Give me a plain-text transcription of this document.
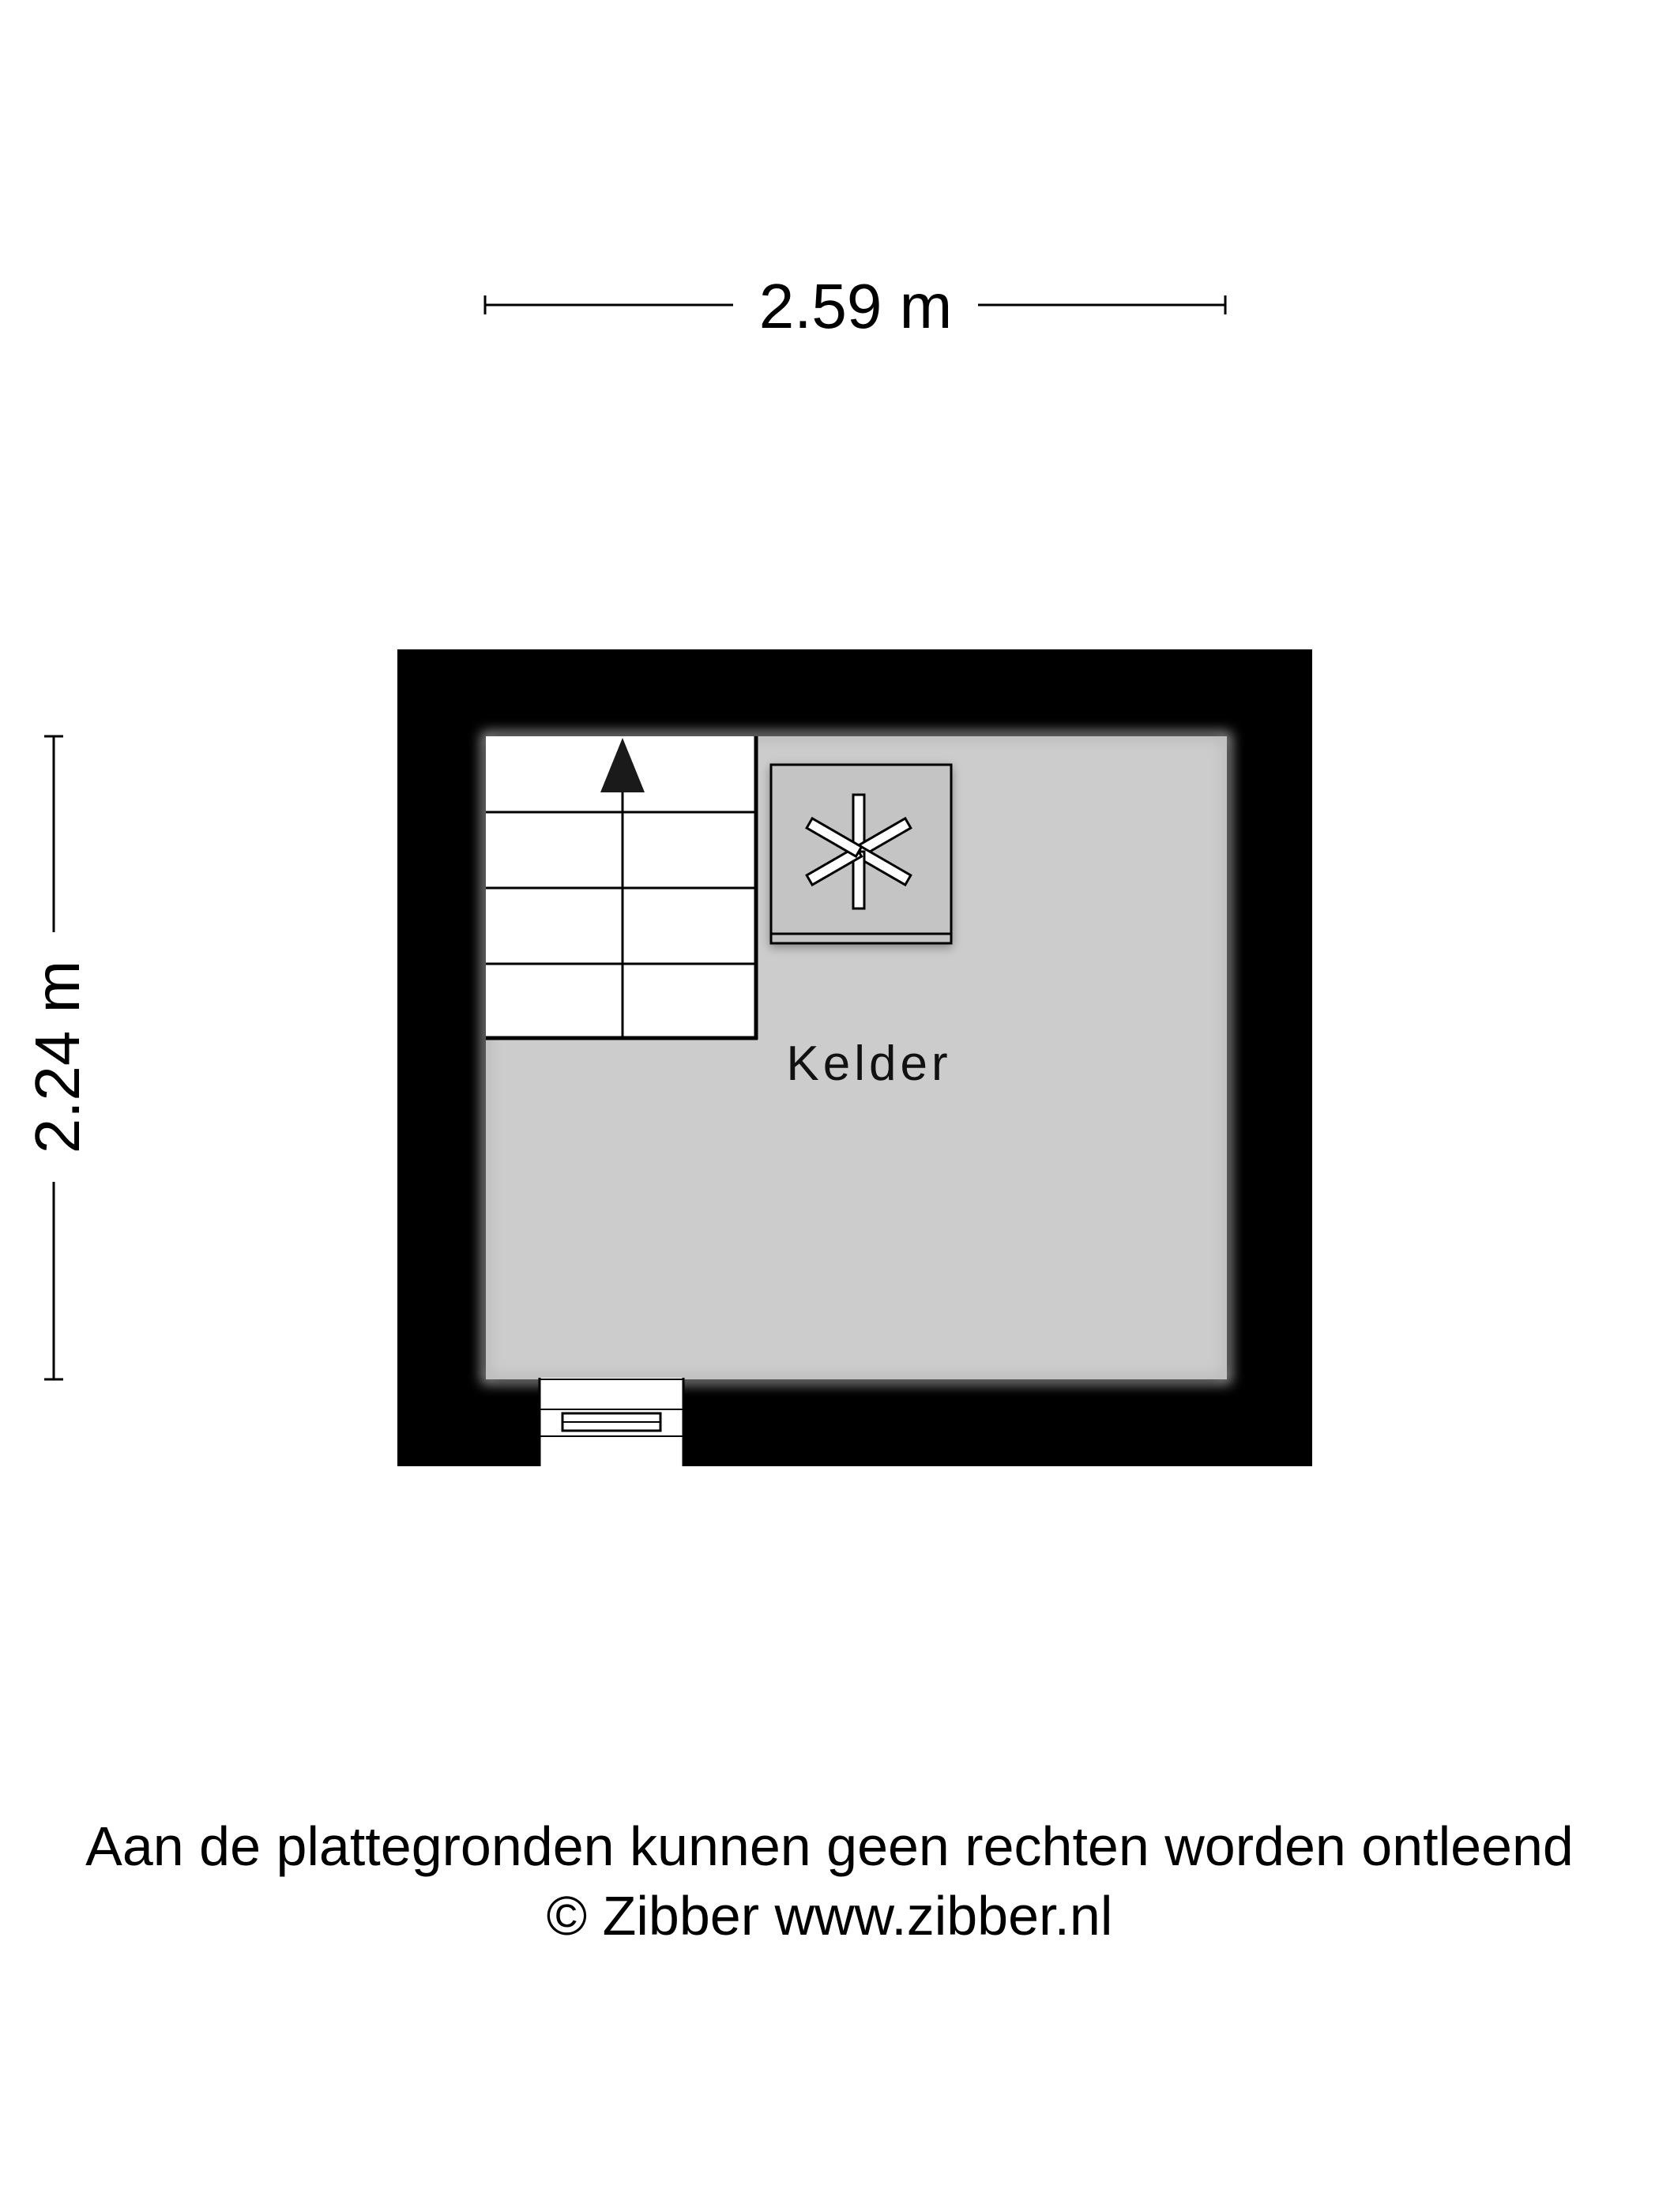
2.59 m
2.24 m	Kelder
Aan de plattegronden kunnen geen rechten worden ontleend
© Zibber www.zibber.nl
